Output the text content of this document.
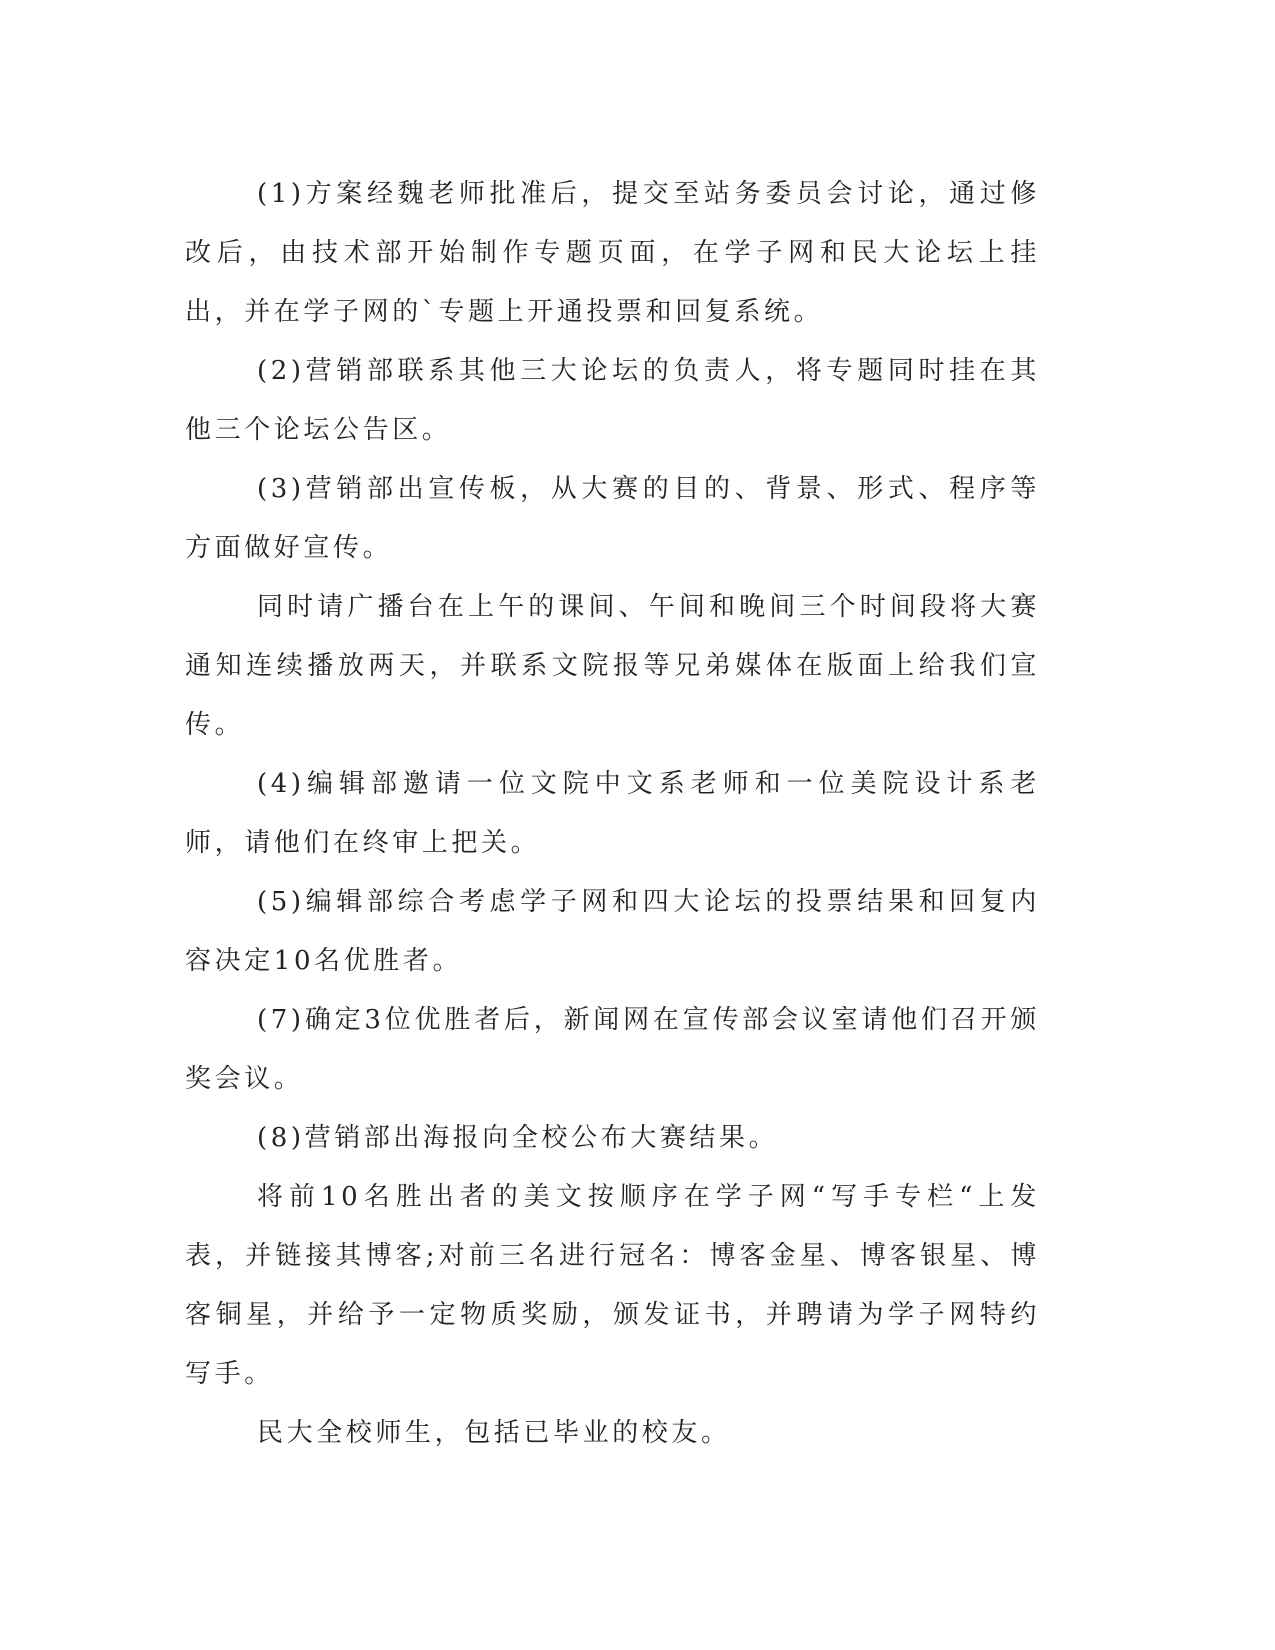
(1)方案经魏老师批准后，提交至站务委员会讨论，通过修改后，由技术部开始制作专题页面，在学子网和民大论坛上挂出，并在学子网的`专题上开通投票和回复系统。

(2)营销部联系其他三大论坛的负责人，将专题同时挂在其他三个论坛公告区。

(3)营销部出宣传板，从大赛的目的、背景、形式、程序等方面做好宣传。

同时请广播台在上午的课间、午间和晚间三个时间段将大赛通知连续播放两天，并联系文院报等兄弟媒体在版面上给我们宣传。

(4)编辑部邀请一位文院中文系老师和一位美院设计系老师，请他们在终审上把关。

(5)编辑部综合考虑学子网和四大论坛的投票结果和回复内容决定10名优胜者。

(7)确定3位优胜者后，新闻网在宣传部会议室请他们召开颁奖会议。

(8)营销部出海报向全校公布大赛结果。

将前10名胜出者的美文按顺序在学子网“写手专栏“上发表，并链接其博客;对前三名进行冠名：博客金星、博客银星、博客铜星，并给予一定物质奖励，颁发证书，并聘请为学子网特约写手。

民大全校师生，包括已毕业的校友。
